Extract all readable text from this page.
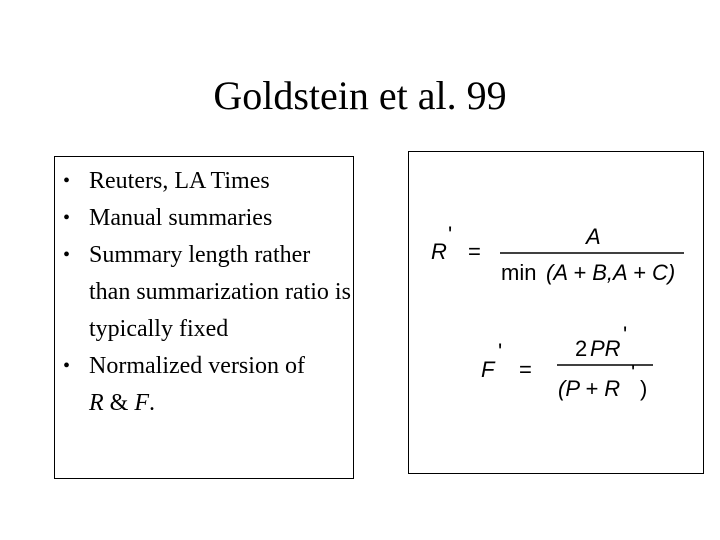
Goldstein et al. 99
• Reuters, LA Times
• Manual summaries
• Summary length rather than summarization ratio is typically fixed
• Normalized version of
R & F.
R
'
=
A
min (A + B,A + C)
F
'
=
2 PR
'
(P + R
'
)
